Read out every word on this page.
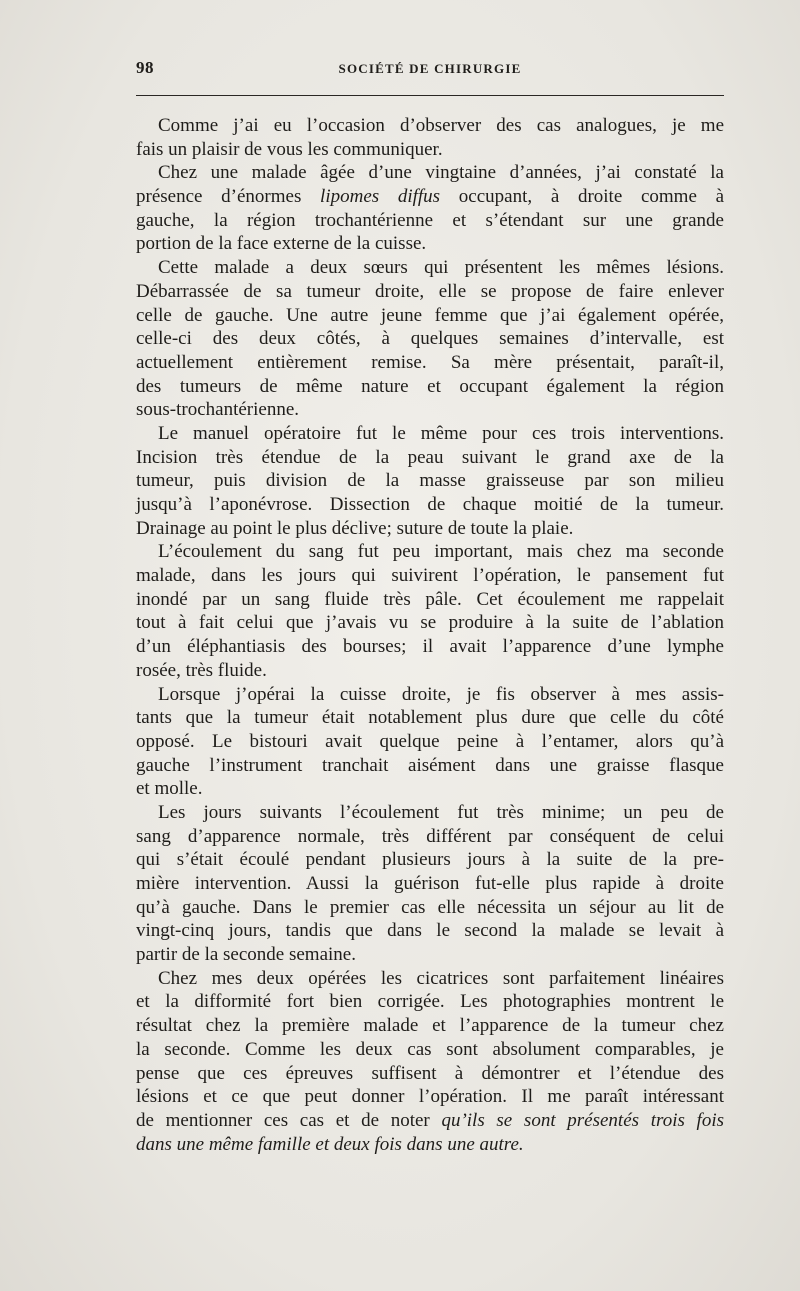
98	SOCIÉTÉ DE CHIRURGIE
Comme j’ai eu l’occasion d’observer des cas analogues, je me
fais un plaisir de vous les communiquer.
Chez une malade âgée d’une vingtaine d’années, j’ai constaté la
présence d’énormes lipomes diffus occupant, à droite comme à
gauche, la région trochantérienne et s’étendant sur une grande
portion de la face externe de la cuisse.
Cette malade a deux sœurs qui présentent les mêmes lésions.
Débarrassée de sa tumeur droite, elle se propose de faire enlever
celle de gauche. Une autre jeune femme que j’ai également opérée,
celle-ci des deux côtés, à quelques semaines d’intervalle, est
actuellement entièrement remise. Sa mère présentait, paraît-il,
des tumeurs de même nature et occupant également la région
sous-trochantérienne.
Le manuel opératoire fut le même pour ces trois interventions.
Incision très étendue de la peau suivant le grand axe de la
tumeur, puis division de la masse graisseuse par son milieu
jusqu’à l’aponévrose. Dissection de chaque moitié de la tumeur.
Drainage au point le plus déclive; suture de toute la plaie.
L’écoulement du sang fut peu important, mais chez ma seconde
malade, dans les jours qui suivirent l’opération, le pansement fut
inondé par un sang fluide très pâle. Cet écoulement me rappelait
tout à fait celui que j’avais vu se produire à la suite de l’ablation
d’un éléphantiasis des bourses; il avait l’apparence d’une lymphe
rosée, très fluide.
Lorsque j’opérai la cuisse droite, je fis observer à mes assis-
tants que la tumeur était notablement plus dure que celle du côté
opposé. Le bistouri avait quelque peine à l’entamer, alors qu’à
gauche l’instrument tranchait aisément dans une graisse flasque
et molle.
Les jours suivants l’écoulement fut très minime; un peu de
sang d’apparence normale, très différent par conséquent de celui
qui s’était écoulé pendant plusieurs jours à la suite de la pre-
mière intervention. Aussi la guérison fut-elle plus rapide à droite
qu’à gauche. Dans le premier cas elle nécessita un séjour au lit de
vingt-cinq jours, tandis que dans le second la malade se levait à
partir de la seconde semaine.
Chez mes deux opérées les cicatrices sont parfaitement linéaires
et la difformité fort bien corrigée. Les photographies montrent le
résultat chez la première malade et l’apparence de la tumeur chez
la seconde. Comme les deux cas sont absolument comparables, je
pense que ces épreuves suffisent à démontrer et l’étendue des
lésions et ce que peut donner l’opération. Il me paraît intéressant
de mentionner ces cas et de noter qu’ils se sont présentés trois fois
dans une même famille et deux fois dans une autre.
